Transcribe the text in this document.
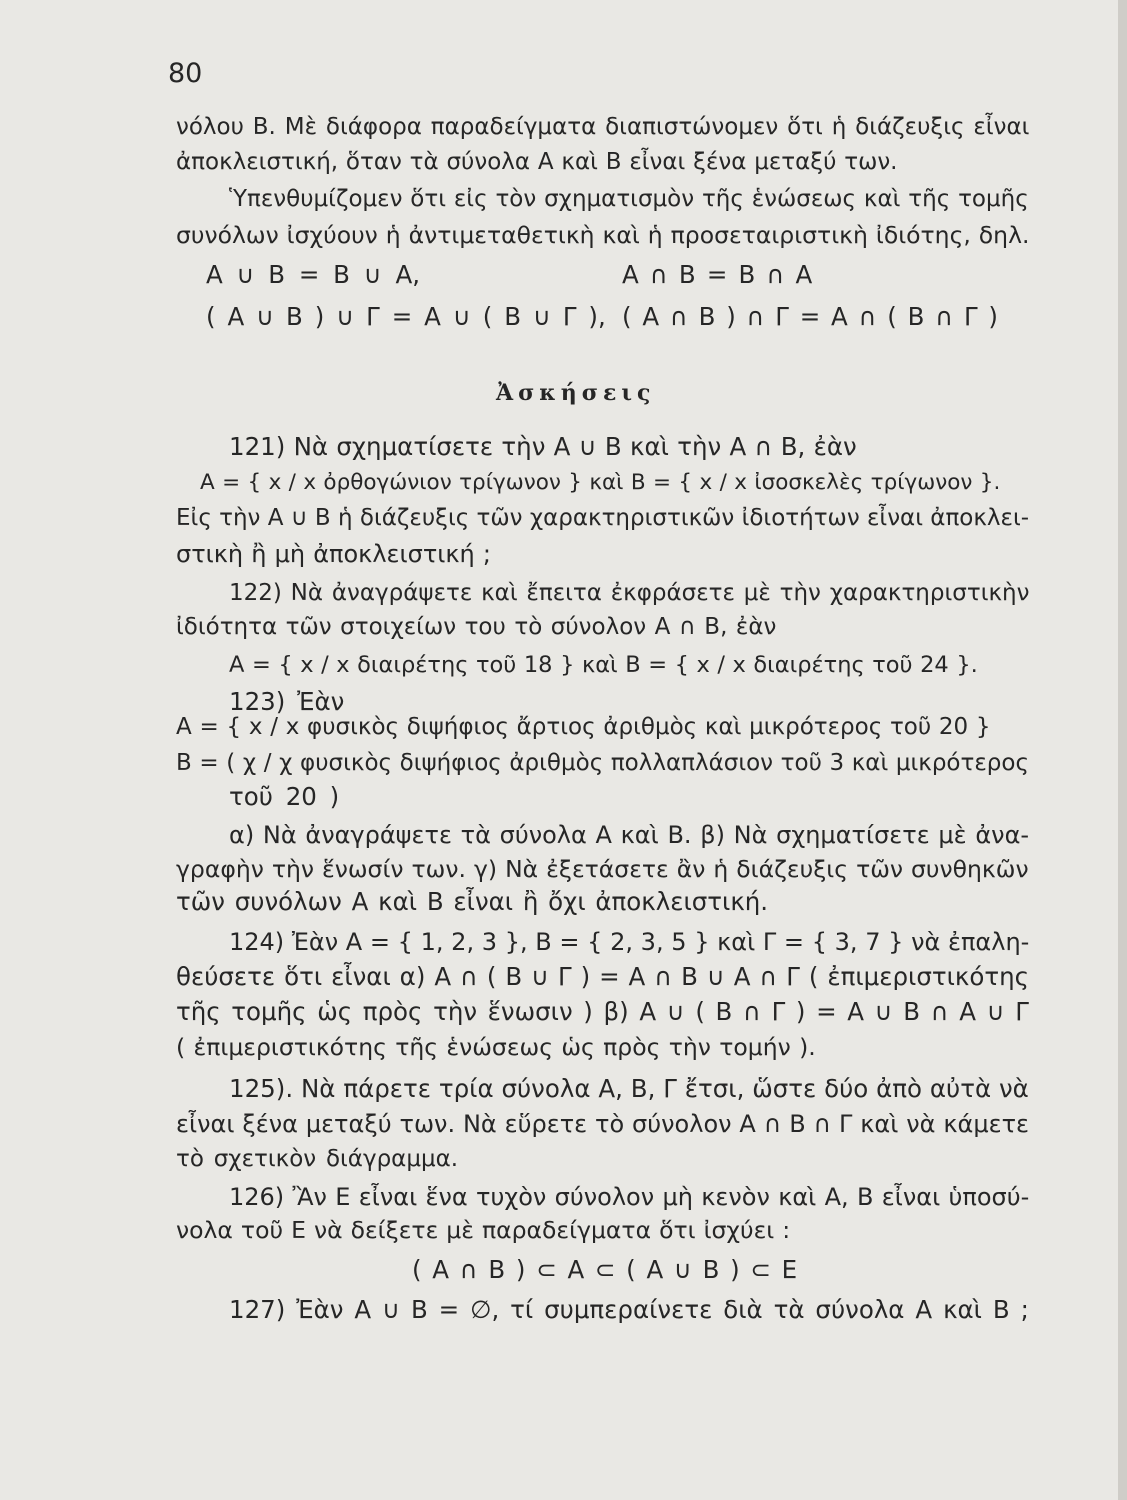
80
νόλου Β. Μὲ διάφορα παραδείγματα διαπιστώνομεν ὅτι ἡ διάζευξις εἶναι
ἀποκλειστική, ὅταν τὰ σύνολα Α καὶ Β εἶναι ξένα μεταξύ των.
Ὑπενθυμίζομεν ὅτι εἰς τὸν σχηματισμὸν τῆς ἑνώσεως καὶ τῆς τομῆς
συνόλων ἰσχύουν ἡ ἀντιμεταθετικὴ καὶ ἡ προσεταιριστικὴ ἰδιότης, δηλ.
Α ∪ Β = Β ∪ Α,	Α ∩ Β = Β ∩ Α
( Α ∪ Β ) ∪ Γ = Α ∪ ( Β ∪ Γ ), ( Α ∩ Β ) ∩ Γ = Α ∩ ( Β ∩ Γ )
Ἀσκήσεις
121) Νὰ σχηματίσετε τὴν Α ∪ Β καὶ τὴν Α ∩ Β, ἐὰν
Α = { x / x ὀρθογώνιον τρίγωνον } καὶ Β = { x / x ἰσοσκελὲς τρίγωνον }.
Εἰς τὴν Α ∪ Β ἡ διάζευξις τῶν χαρακτηριστικῶν ἰδιοτήτων εἶναι ἀποκλει-
στικὴ ἢ μὴ ἀποκλειστική ;
122) Νὰ ἀναγράψετε καὶ ἔπειτα ἐκφράσετε μὲ τὴν χαρακτηριστικὴν
ἰδιότητα τῶν στοιχείων του τὸ σύνολον Α ∩ Β, ἐὰν
Α = { x / x διαιρέτης τοῦ 18 } καὶ Β = { x / x διαιρέτης τοῦ 24 }.
123) Ἐὰν
Α = { x / x φυσικὸς διψήφιος ἄρτιος ἀριθμὸς καὶ μικρότερος τοῦ 20 }
Β = ( χ / χ φυσικὸς διψήφιος ἀριθμὸς πολλαπλάσιον τοῦ 3 καὶ μικρότερος
τοῦ 20 )
α) Νὰ ἀναγράψετε τὰ σύνολα Α καὶ Β. β) Νὰ σχηματίσετε μὲ ἀνα-
γραφὴν τὴν ἕνωσίν των. γ) Νὰ ἐξετάσετε ἂν ἡ διάζευξις τῶν συνθηκῶν
τῶν συνόλων Α καὶ Β εἶναι ἢ ὄχι ἀποκλειστική.
124) Ἐὰν Α = { 1, 2, 3 }, Β = { 2, 3, 5 } καὶ Γ = { 3, 7 } νὰ ἐπαλη-
θεύσετε ὅτι εἶναι α) Α ∩ ( Β ∪ Γ ) = Α ∩ Β ∪ Α ∩ Γ ( ἐπιμεριστικότης
τῆς τομῆς ὡς πρὸς τὴν ἕνωσιν ) β) Α ∪ ( Β ∩ Γ ) = Α ∪ Β ∩ Α ∪ Γ
( ἐπιμεριστικότης τῆς ἑνώσεως ὡς πρὸς τὴν τομήν ).
125). Νὰ πάρετε τρία σύνολα Α, Β, Γ ἔτσι, ὥστε δύο ἀπὸ αὐτὰ νὰ
εἶναι ξένα μεταξύ των. Νὰ εὕρετε τὸ σύνολον Α ∩ Β ∩ Γ καὶ νὰ κάμετε
τὸ σχετικὸν διάγραμμα.
126) Ἂν Ε εἶναι ἕνα τυχὸν σύνολον μὴ κενὸν καὶ Α, Β εἶναι ὑποσύ-
νολα τοῦ Ε νὰ δείξετε μὲ παραδείγματα ὅτι ἰσχύει :
( Α ∩ Β ) ⊂ Α ⊂ ( Α ∪ Β ) ⊂ Ε
127) Ἐὰν Α ∪ Β = ∅, τί συμπεραίνετε διὰ τὰ σύνολα Α καὶ Β ;
